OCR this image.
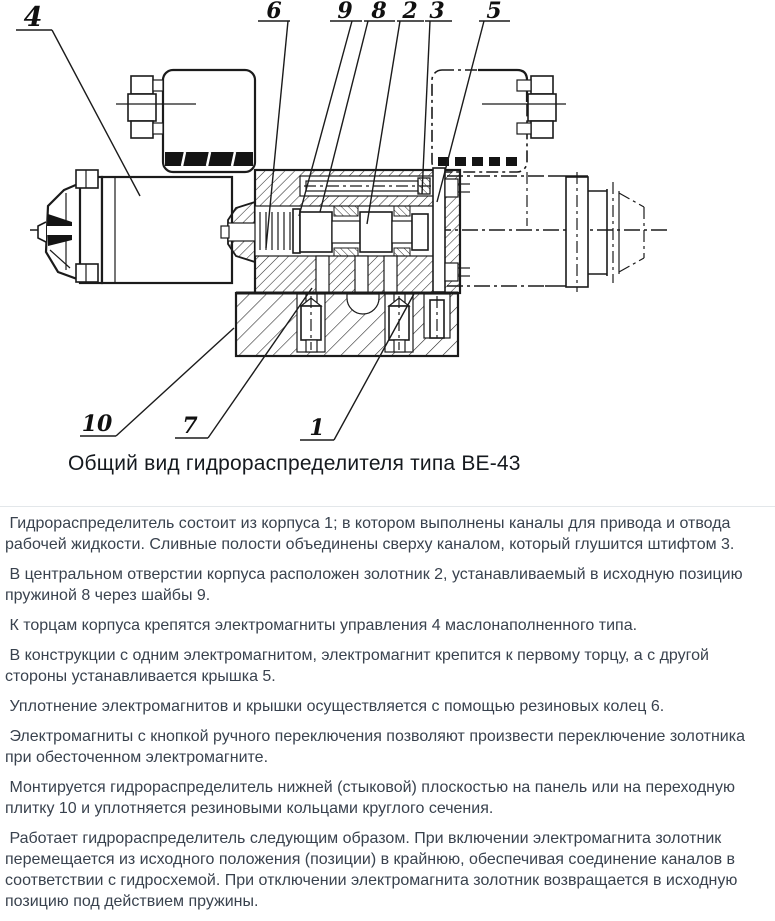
4	6	9 8 2 3 5
10	7	1
Общий вид гидрораспределителя типа ВЕ-43

Гидрораспределитель состоит из корпуса 1; в котором выполнены каналы для привода и отвода рабочей жидкости. Сливные полости объединены сверху каналом, который глушится штифтом 3.

В центральном отверстии корпуса расположен золотник 2, устанавливаемый в исходную позицию пружиной 8 через шайбы 9.

К торцам корпуса крепятся электромагниты управления 4 маслонаполненного типа.

В конструкции с одним электромагнитом, электромагнит крепится к первому торцу, а с другой стороны устанавливается крышка 5.

Уплотнение электромагнитов и крышки осуществляется с помощью резиновых колец 6.

Электромагниты с кнопкой ручного переключения позволяют произвести переключение золотника при обесточенном электромагните.

Монтируется гидрораспределитель нижней (стыковой) плоскостью на панель или на переходную плитку 10 и уплотняется резиновыми кольцами круглого сечения.

Работает гидрораспределитель следующим образом. При включении электромагнита золотник перемещается из исходного положения (позиции) в крайнюю, обеспечивая соединение каналов в соответствии с гидросхемой. При отключении электромагнита золотник возвращается в исходную позицию под действием пружины.
